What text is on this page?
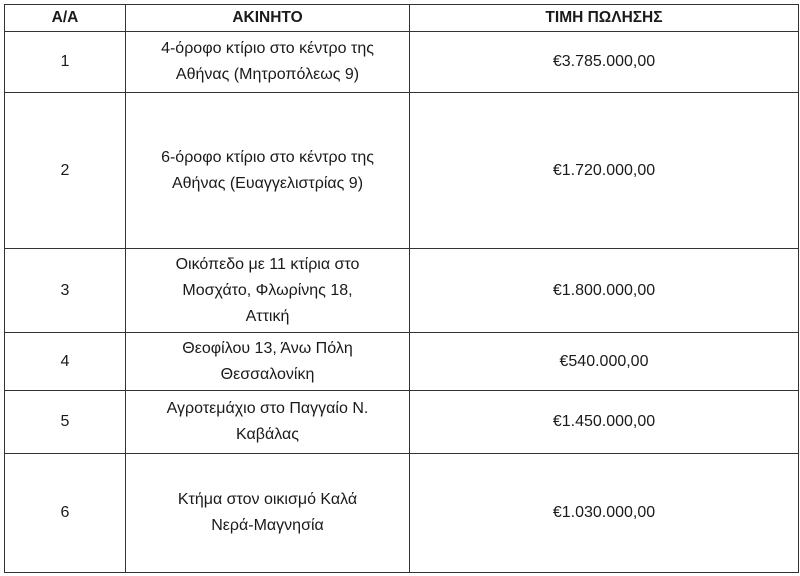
Α/Α	ΑΚΙΝΗΤΟ	ΤΙΜΗ ΠΩΛΗΣΗΣ
1	4-όροφο κτίριο στο κέντρο της
Αθήνας (Μητροπόλεως 9)	€3.785.000,00
2	6-όροφο κτίριο στο κέντρο της
Αθήνας (Ευαγγελιστρίας 9)	€1.720.000,00
3	Οικόπεδο με 11 κτίρια στο
Μοσχάτο, Φλωρίνης 18,
Αττική	€1.800.000,00
4	Θεοφίλου 13, Άνω Πόλη
Θεσσαλονίκη	€540.000,00
5	Αγροτεμάχιο στο Παγγαίο Ν.
Καβάλας	€1.450.000,00
6	Κτήμα στον οικισμό Καλά
Νερά-Μαγνησία	€1.030.000,00
